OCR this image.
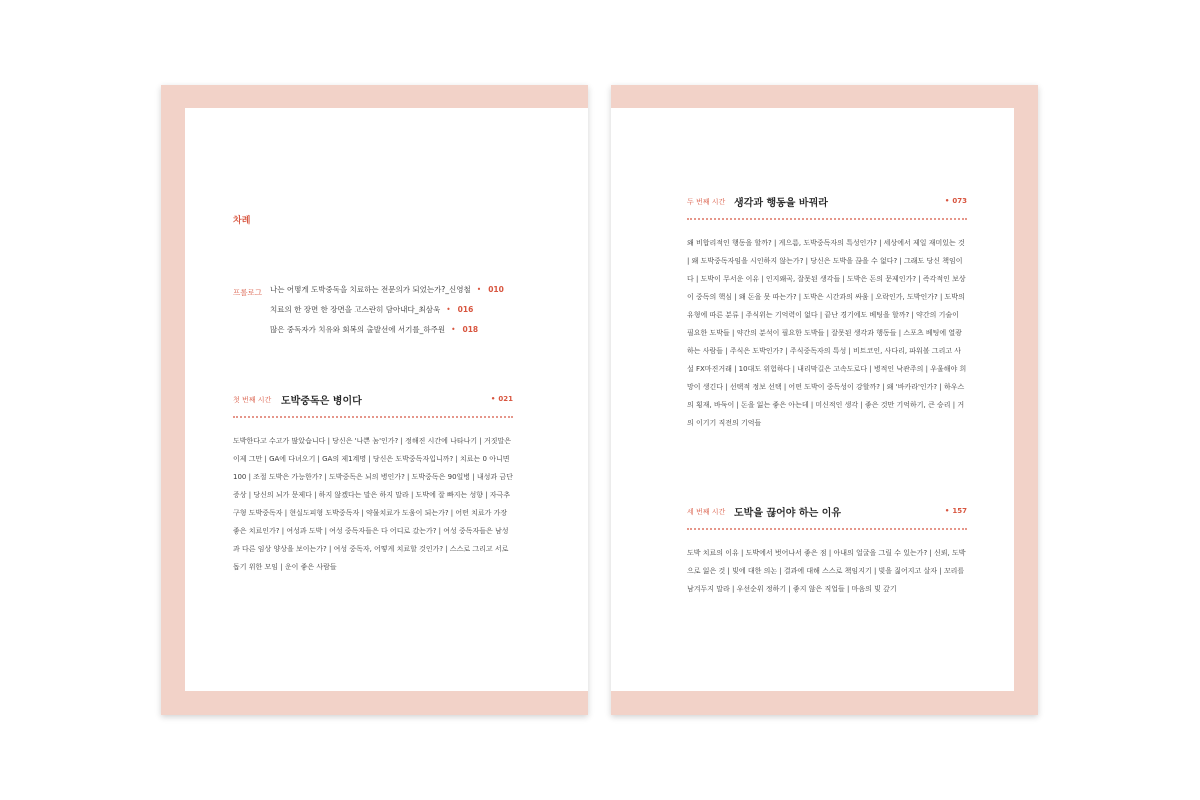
차례
프롤로그 나는 어떻게 도박중독을 치료하는 전문의가 되었는가?_신영철 • 010
치료의 한 장면 한 장면을 고스란히 담아내다_최삼욱 • 016
많은 중독자가 치유와 회복의 출발선에 서기를_하주원 • 018
첫 번째 시간 도박중독은 병이다	• 021
도박한다고 수고가 많았습니다 | 당신은 '나쁜 놈'인가? | 정해진 시간에 나타나기 | 거짓말은 이제 그만 | GA에 다녀오기 | GA의 제1계명 | 당신은 도박중독자입니까? | 치료는 0 아니면 100 | 조절 도박은 가능한가? | 도박중독은 뇌의 병인가? | 도박중독은 90일병 | 내성과 금단증상 | 당신의 뇌가 문제다 | 하지 않겠다는 말은 하지 말라 | 도박에 잘 빠지는 성향 | 자극추구형 도박중독자 | 현실도피형 도박중독자 | 약물치료가 도움이 되는가? | 어떤 치료가 가장 좋은 치료인가? | 여성과 도박 | 여성 중독자들은 다 어디로 갔는가? | 여성 중독자들은 남성과 다른 임상 양상을 보이는가? | 여성 중독자, 어떻게 치료할 것인가? | 스스로 그리고 서로 돕기 위한 모임 | 운이 좋은 사람들
두 번째 시간 생각과 행동을 바꿔라	• 073
왜 비합리적인 행동을 할까? | 게으름, 도박중독자의 특성인가? | 세상에서 제일 재미있는 것 | 왜 도박중독자임을 시인하지 않는가? | 당신은 도박을 끊을 수 없다? | 그래도 당신 책임이다 | 도박이 무서운 이유 | 인지왜곡, 잘못된 생각들 | 도박은 돈의 문제인가? | 즉각적인 보상이 중독의 핵심 | 왜 돈을 못 따는가? | 도박은 시간과의 싸움 | 오락인가, 도박인가? | 도박의 유형에 따른 분류 | 주식위는 기억력이 없다 | 끝난 경기에도 베팅을 할까? | 약간의 기술이 필요한 도박들 | 약간의 분석이 필요한 도박들 | 잘못된 생각과 행동들 | 스포츠 베팅에 열광하는 사람들 | 주식은 도박인가? | 주식중독자의 특성 | 비트코인, 사다리, 파워볼 그리고 사설 FX마진거래 | 10대도 위험하다 | 내리막길은 고속도로다 | 병적인 낙관주의 | 우울해야 희망이 생긴다 | 선택적 정보 선택 | 어떤 도박이 중독성이 강할까? | 왜 '바카라'인가? | 하우스의 횡재, 바둑이 | 돈을 잃는 좋은 아는데 | 미신적인 생각 | 좋은 것만 기억하기, 큰 승리 | 거의 이기기 직전의 기억들
세 번째 시간 도박을 끊어야 하는 이유	• 157
도박 치료의 이유 | 도박에서 벗어나서 좋은 점 | 아내의 얼굴을 그릴 수 있는가? | 신뢰, 도박으로 잃은 것 | 빚에 대한 의논 | 결과에 대해 스스로 책임지기 | 빚을 짊어지고 살자 | 꼬리를 남겨두지 말라 | 우선순위 정하기 | 좋지 않은 직업들 | 마음의 빚 갚기
